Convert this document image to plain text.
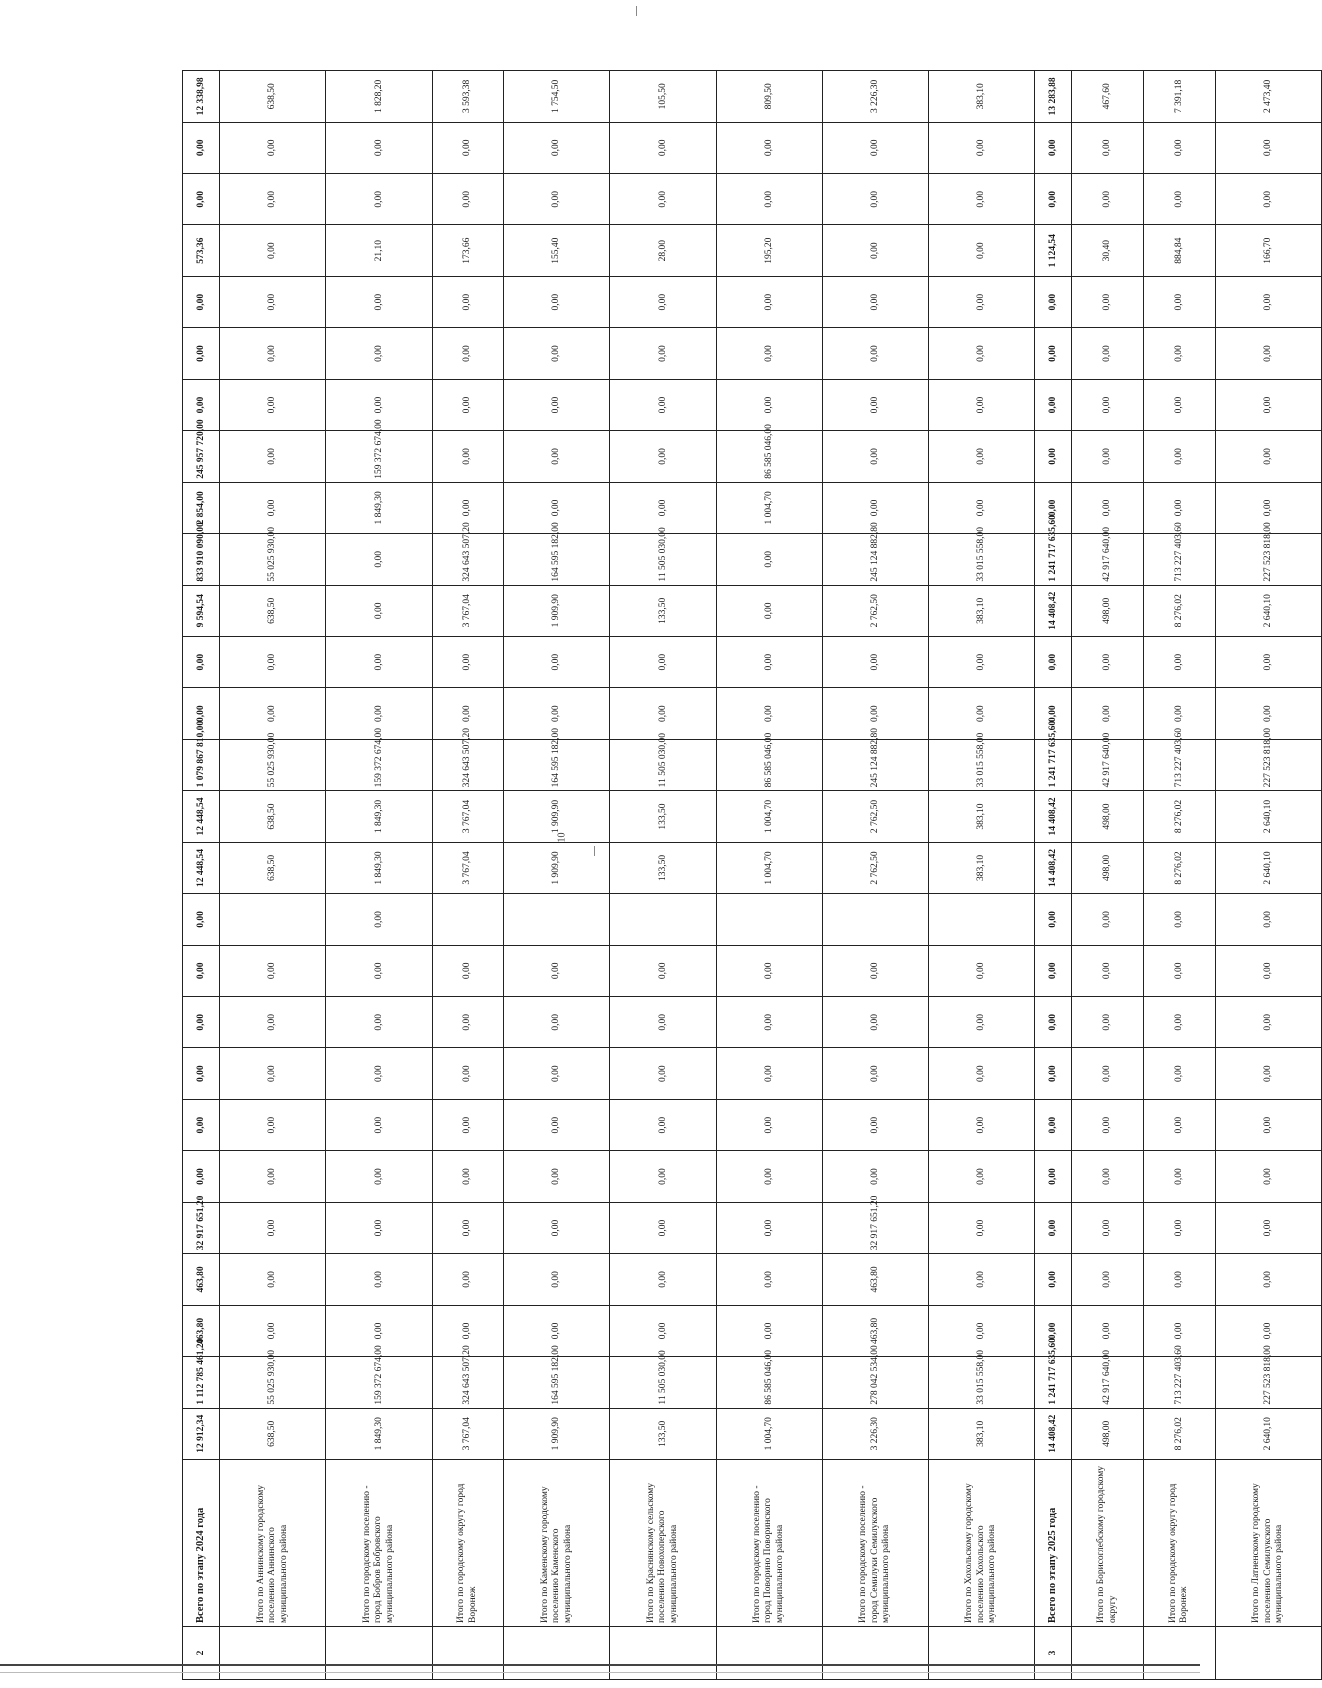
10
2	Всего по этапу 2024 года	12 912,34	1 112 785 461,20	463,80	463,80	32 917 651,20	0,00	0,00	0,00	0,00	0,00	0,00	12 448,54	12 448,54	1 079 867 810,00	0,00	0,00	9 594,54	833 910 090,00	2 854,00	245 957 720,00	0,00	0,00	0,00	573,36	0,00	0,00	12 338,98
	Итого по Аннинскому городскому поселению Аннинского муниципального района	638,50	55 025 930,00	0,00	0,00	0,00	0,00	0,00	0,00	0,00	0,00		638,50	638,50	55 025 930,00	0,00	0,00	638,50	55 025 930,00	0,00	0,00	0,00	0,00	0,00	0,00	0,00	0,00	638,50
	Итого по городскому поселению - город Бобров Бобровского муниципального района	1 849,30	159 372 674,00	0,00	0,00	0,00	0,00	0,00	0,00	0,00	0,00	0,00	1 849,30	1 849,30	159 372 674,00	0,00	0,00	0,00	0,00	1 849,30	159 372 674,00	0,00	0,00	0,00	21,10	0,00	0,00	1 828,20
	Итого по городскому округу город Воронеж	3 767,04	324 643 507,20	0,00	0,00	0,00	0,00	0,00	0,00	0,00	0,00		3 767,04	3 767,04	324 643 507,20	0,00	0,00	3 767,04	324 643 507,20	0,00	0,00	0,00	0,00	0,00	173,66	0,00	0,00	3 593,38
	Итого по Каменскому городскому поселению Каменского муниципального района	1 909,90	164 595 182,00	0,00	0,00	0,00	0,00	0,00	0,00	0,00	0,00		1 909,90	1 909,90	164 595 182,00	0,00	0,00	1 909,90	164 595 182,00	0,00	0,00	0,00	0,00	0,00	155,40	0,00	0,00	1 754,50
	Итого по Краснянскому сельскому поселению Новохоперского муниципального района	133,50	11 505 030,00	0,00	0,00	0,00	0,00	0,00	0,00	0,00	0,00		133,50	133,50	11 505 030,00	0,00	0,00	133,50	11 505 030,00	0,00	0,00	0,00	0,00	0,00	28,00	0,00	0,00	105,50
	Итого по городскому поселению - город Поворино Поворинского муниципального района	1 004,70	86 585 046,00	0,00	0,00	0,00	0,00	0,00	0,00	0,00	0,00		1 004,70	1 004,70	86 585 046,00	0,00	0,00	0,00	0,00	1 004,70	86 585 046,00	0,00	0,00	0,00	195,20	0,00	0,00	809,50
	Итого по городскому поселению - город Семилуки Семилукского муниципального района	3 226,30	278 042 534,00	463,80	463,80	32 917 651,20	0,00	0,00	0,00	0,00	0,00		2 762,50	2 762,50	245 124 882,80	0,00	0,00	2 762,50	245 124 882,80	0,00	0,00	0,00	0,00	0,00	0,00	0,00	0,00	3 226,30
	Итого по Хохольскому городскому поселению Хохольского муниципального района	383,10	33 015 558,00	0,00	0,00	0,00	0,00	0,00	0,00	0,00	0,00		383,10	383,10	33 015 558,00	0,00	0,00	383,10	33 015 558,00	0,00	0,00	0,00	0,00	0,00	0,00	0,00	0,00	383,10
3	Всего по этапу 2025 года	14 408,42	1 241 717 635,60	0,00	0,00	0,00	0,00	0,00	0,00	0,00	0,00	0,00	14 408,42	14 408,42	1 241 717 635,60	0,00	0,00	14 408,42	1 241 717 635,60	0,00	0,00	0,00	0,00	0,00	1 124,54	0,00	0,00	13 283,88
	Итого по Борисоглебскому городскому округу	498,00	42 917 640,00	0,00	0,00	0,00	0,00	0,00	0,00	0,00	0,00	0,00	498,00	498,00	42 917 640,00	0,00	0,00	498,00	42 917 640,00	0,00	0,00	0,00	0,00	0,00	30,40	0,00	0,00	467,60
	Итого по городскому округу город Воронеж	8 276,02	713 227 403,60	0,00	0,00	0,00	0,00	0,00	0,00	0,00	0,00	0,00	8 276,02	8 276,02	713 227 403,60	0,00	0,00	8 276,02	713 227 403,60	0,00	0,00	0,00	0,00	0,00	884,84	0,00	0,00	7 391,18
	Итого по Латненскому городскому поселению Семилукского муниципального района	2 640,10	227 523 818,00	0,00	0,00	0,00	0,00	0,00	0,00	0,00	0,00	0,00	2 640,10	2 640,10	227 523 818,00	0,00	0,00	2 640,10	227 523 818,00	0,00	0,00	0,00	0,00	0,00	166,70	0,00	0,00	2 473,40
